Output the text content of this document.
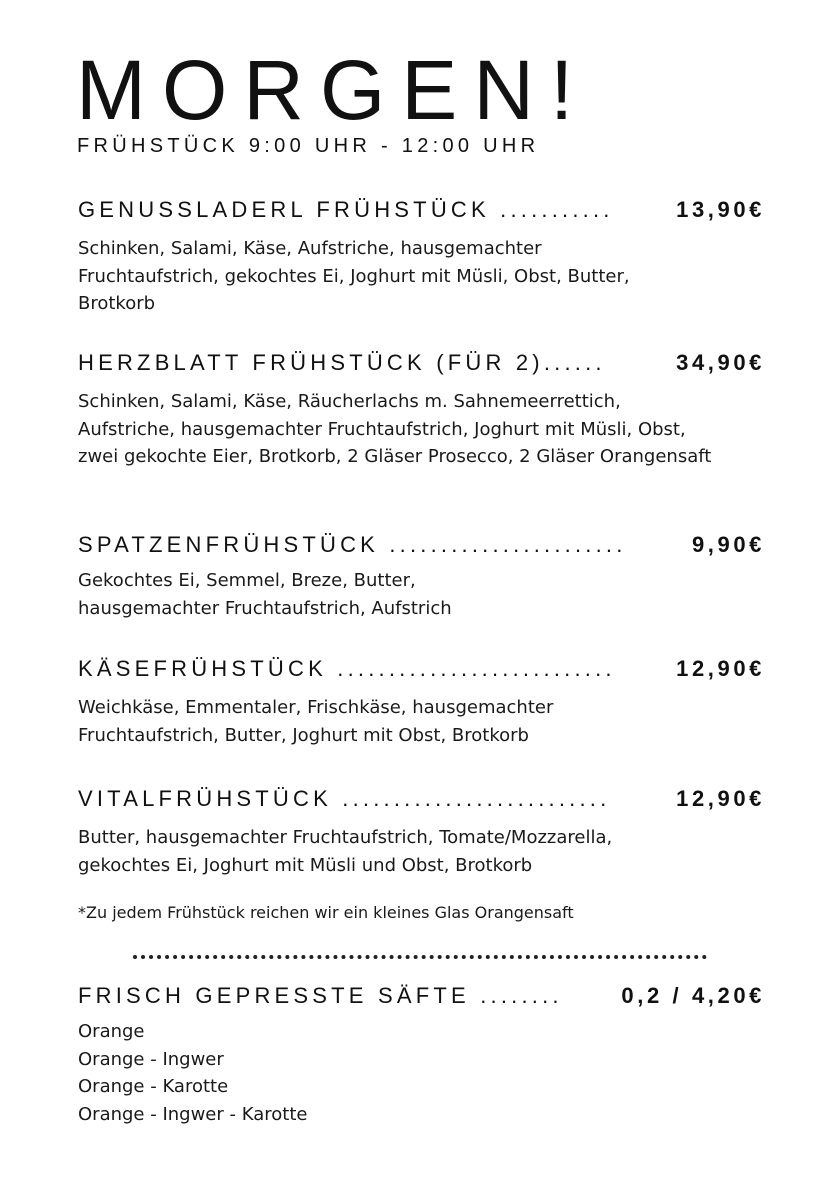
MORGEN!
FRÜHSTÜCK 9:00 UHR - 12:00 UHR
GENUSSLADERL FRÜHSTÜCK ...........	13,90€
Schinken, Salami, Käse, Aufstriche, hausgemachter Fruchtaufstrich, gekochtes Ei, Joghurt mit Müsli, Obst, Butter, Brotkorb
HERZBLATT FRÜHSTÜCK (FÜR 2)......	34,90€
Schinken, Salami, Käse, Räucherlachs m. Sahnemeerrettich, Aufstriche, hausgemachter Fruchtaufstrich, Joghurt mit Müsli, Obst, zwei gekochte Eier, Brotkorb, 2 Gläser Prosecco, 2 Gläser Orangensaft
SPATZENFRÜHSTÜCK .......................	9,90€
Gekochtes Ei, Semmel, Breze, Butter, hausgemachter Fruchtaufstrich, Aufstrich
KÄSEFRÜHSTÜCK ...........................	12,90€
Weichkäse, Emmentaler, Frischkäse, hausgemachter Fruchtaufstrich, Butter, Joghurt mit Obst, Brotkorb
VITALFRÜHSTÜCK ..........................	12,90€
Butter, hausgemachter Fruchtaufstrich, Tomate/Mozzarella, gekochtes Ei, Joghurt mit Müsli und Obst, Brotkorb
*Zu jedem Frühstück reichen wir ein kleines Glas Orangensaft
FRISCH GEPRESSTE SÄFTE ........	0,2 / 4,20€
Orange
Orange - Ingwer
Orange - Karotte
Orange - Ingwer - Karotte
